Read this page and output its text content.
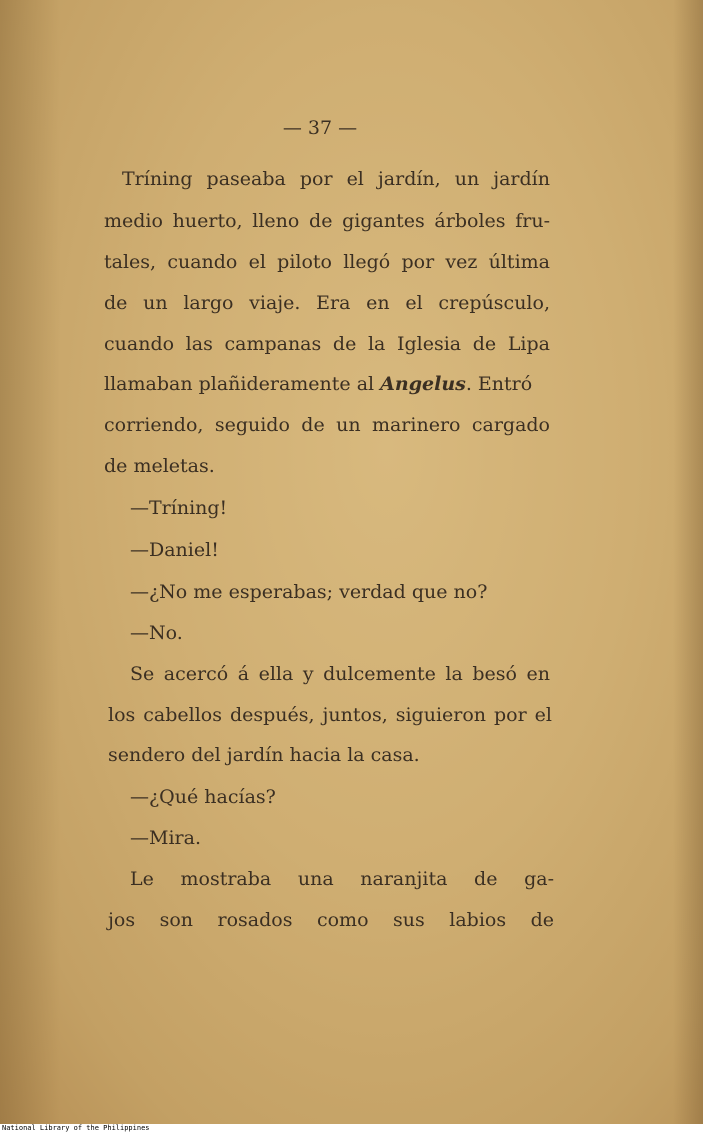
— 37 —
Tríning paseaba por el jardín, un jardín
medio huerto, lleno de gigantes árboles fru-
tales, cuando el piloto llegó por vez última
de un largo viaje. Era en el crepúsculo,
cuando las campanas de la Iglesia de Lipa
llamaban plañideramente al Angelus. Entró
corriendo, seguido de un marinero cargado
de meletas.
—Tríning!
—Daniel!
—¿No me esperabas; verdad que no?
—No.
Se acercó á ella y dulcemente la besó en
los cabellos después, juntos, siguieron por el
sendero del jardín hacia la casa.
—¿Qué hacías?
—Mira.
Le mostraba una naranjita de ga-
jos son rosados como sus labios de
National Library of the Philippines
